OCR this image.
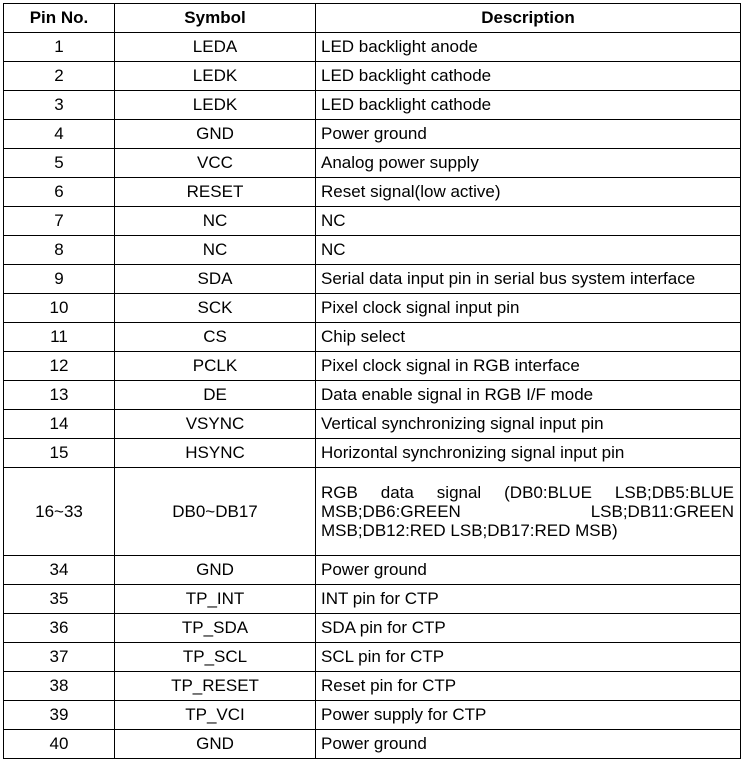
Pin No.	Symbol	Description
1	LEDA	LED backlight anode
2	LEDK	LED backlight cathode
3	LEDK	LED backlight cathode
4	GND	Power ground
5	VCC	Analog power supply
6	RESET	Reset signal(low active)
7	NC	NC
8	NC	NC
9	SDA	Serial data input pin in serial bus system interface
10	SCK	Pixel clock signal input pin
11	CS	Chip select
12	PCLK	Pixel clock signal in RGB interface
13	DE	Data enable signal in RGB I/F mode
14	VSYNC	Vertical synchronizing signal input pin
15	HSYNC	Horizontal synchronizing signal input pin
16~33	DB0~DB17	RGB data signal (DB0:BLUE LSB;DB5:BLUE MSB;DB6:GREEN LSB;DB11:GREEN MSB;DB12:RED LSB;DB17:RED MSB)

34	GND	Power ground
35	TP_INT	INT pin for CTP
36	TP_SDA	SDA pin for CTP
37	TP_SCL	SCL pin for CTP
38	TP_RESET	Reset pin for CTP
39	TP_VCI	Power supply for CTP
40	GND	Power ground
